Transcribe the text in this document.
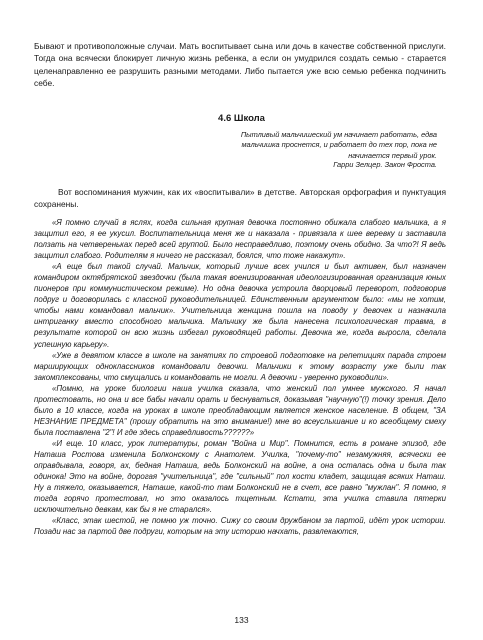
Бывают и противоположные случаи. Мать воспитывает сына или дочь в качестве собственной прислуги. Тогда она всячески блокирует личную жизнь ребенка, а если он умудрился создать семью - старается целенаправленно ее разрушить разными методами. Либо пытается уже всю семью ребенка подчинить себе.

4.6 Школа

Пытливый мальчишеский ум начинает работать, едва мальчишка проснется, и работает до тех пор, пока не начинается первый урок.

Гарри Зелцер. Закон Фроста.

Вот воспоминания мужчин, как их «воспитывали» в детстве. Авторская орфография и пунктуация сохранены.

«Я помню случай в яслях, когда сильная крупная девочка постоянно обижала слабого мальчика, а я защитил его, я ее укусил. Воспитательница меня же и наказала - привязала к шее веревку и заставила ползать на четвереньках перед всей группой. Было несправедливо, поэтому очень обидно. За что?! Я ведь защитил слабого. Родителям я ничего не рассказал, боялся, что тоже накажут».

«А еще был такой случай. Мальчик, который лучше всех учился и был активен, был назначен командиром октябрятской звездочки (была такая военизированная идеологизированная организация юных пионеров при коммунистическом режиме). Но одна девочка устроила дворцовый переворот, подговорив подруг и договорилась с классной руководительницей. Единственным аргументом было: «мы не хотим, чтобы нами командовал мальчик». Учительница женщина пошла на поводу у девочек и назначила интриганку вместо способного мальчика. Мальчику же была нанесена психологическая травма, в результате которой он всю жизнь избегал руководящей работы. Девочка же, когда выросла, сделала успешную карьеру».

«Уже в девятом классе в школе на занятиях по строевой подготовке на репетициях парада строем марширующих одноклассников командовали девочки. Мальчики к этому возрасту уже были так закомплексованы, что смущались и командовать не могли. А девочки - уверенно руководили».

«Помню, на уроке биологии наша училка сказала, что женский пол умнее мужского. Я начал протестовать, но она и все бабы начали орать и беснуваться, доказывая "научную"(!) точку зрения. Дело было в 10 классе, когда на уроках в школе преобладающим является женское население. В общем, "ЗА НЕЗНАНИЕ ПРЕДМЕТА" (прошу обратить на это внимание!) мне во всеуслышание и ко всеобщему смеху была поставлена "2"! И где здесь справедливость??????»

«И еще. 10 класс, урок литературы, роман "Война и Мир". Помнится, есть в романе эпизод, где Наташа Ростова изменила Болконскому с Анатолем. Училка, "почему-то" незамужняя, всячески ее оправдывала, говоря, ах, бедная Наташа, ведь Болконский на войне, а она осталась одна и была так одинока! Это на войне, дорогая "учительница", где "сильный" пол кости кладет, защищая всяких Наташ. Ну а тяжело, оказывается, Наташе, какой-то там Болконский не в счет, все равно "мужлан". Я помню, я тогда горячо протестовал, но это оказалось тщетным. Кстати, эта училка ставила пятерки исключительно девкам, как бы я не старался».

«Класс, этак шестой, не помню уж точно. Сижу со своим дружбаном за партой, идёт урок истории. Позади нас за партой две подруги, которым на эту историю начхать, развлекаются,

133
